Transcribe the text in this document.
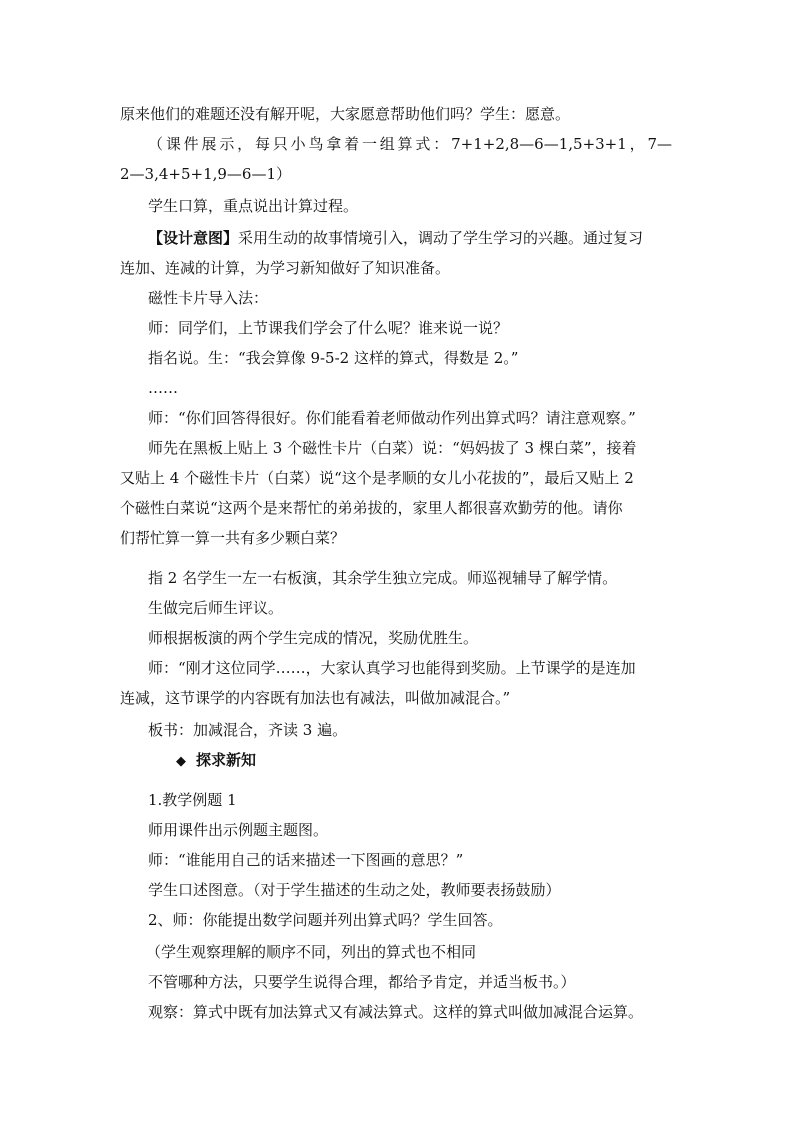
原来他们的难题还没有解开呢，大家愿意帮助他们吗？学生：愿意。
（课件展示，每只小鸟拿着一组算式：7+1+2,8—6—1,5+3+1，7—
2—3,4+5+1,9—6—1）
学生口算，重点说出计算过程。
【设计意图】采用生动的故事情境引入，调动了学生学习的兴趣。通过复习
连加、连减的计算，为学习新知做好了知识准备。
磁性卡片导入法：
师：同学们，上节课我们学会了什么呢？谁来说一说？
指名说。生：“我会算像 9-5-2 这样的算式，得数是 2。”
……
师：“你们回答得很好。你们能看着老师做动作列出算式吗？请注意观察。”
师先在黑板上贴上 3 个磁性卡片（白菜）说：“妈妈拔了 3 棵白菜”，接着
又贴上 4 个磁性卡片（白菜）说“这个是孝顺的女儿小花拔的”，最后又贴上 2
个磁性白菜说“这两个是来帮忙的弟弟拔的，家里人都很喜欢勤劳的他。请你
们帮忙算一算一共有多少颗白菜？
指 2 名学生一左一右板演，其余学生独立完成。师巡视辅导了解学情。
生做完后师生评议。
师根据板演的两个学生完成的情况，奖励优胜生。
师：“刚才这位同学……，大家认真学习也能得到奖励。上节课学的是连加
连减，这节课学的内容既有加法也有减法，叫做加减混合。”
板书：加减混合，齐读 3 遍。
◆ 探求新知
1.教学例题 1
师用课件出示例题主题图。
师：“谁能用自己的话来描述一下图画的意思？”
学生口述图意。（对于学生描述的生动之处，教师要表扬鼓励）
2、师：你能提出数学问题并列出算式吗？学生回答。
（学生观察理解的顺序不同，列出的算式也不相同
不管哪种方法，只要学生说得合理，都给予肯定，并适当板书。）
观察：算式中既有加法算式又有减法算式。这样的算式叫做加减混合运算。
